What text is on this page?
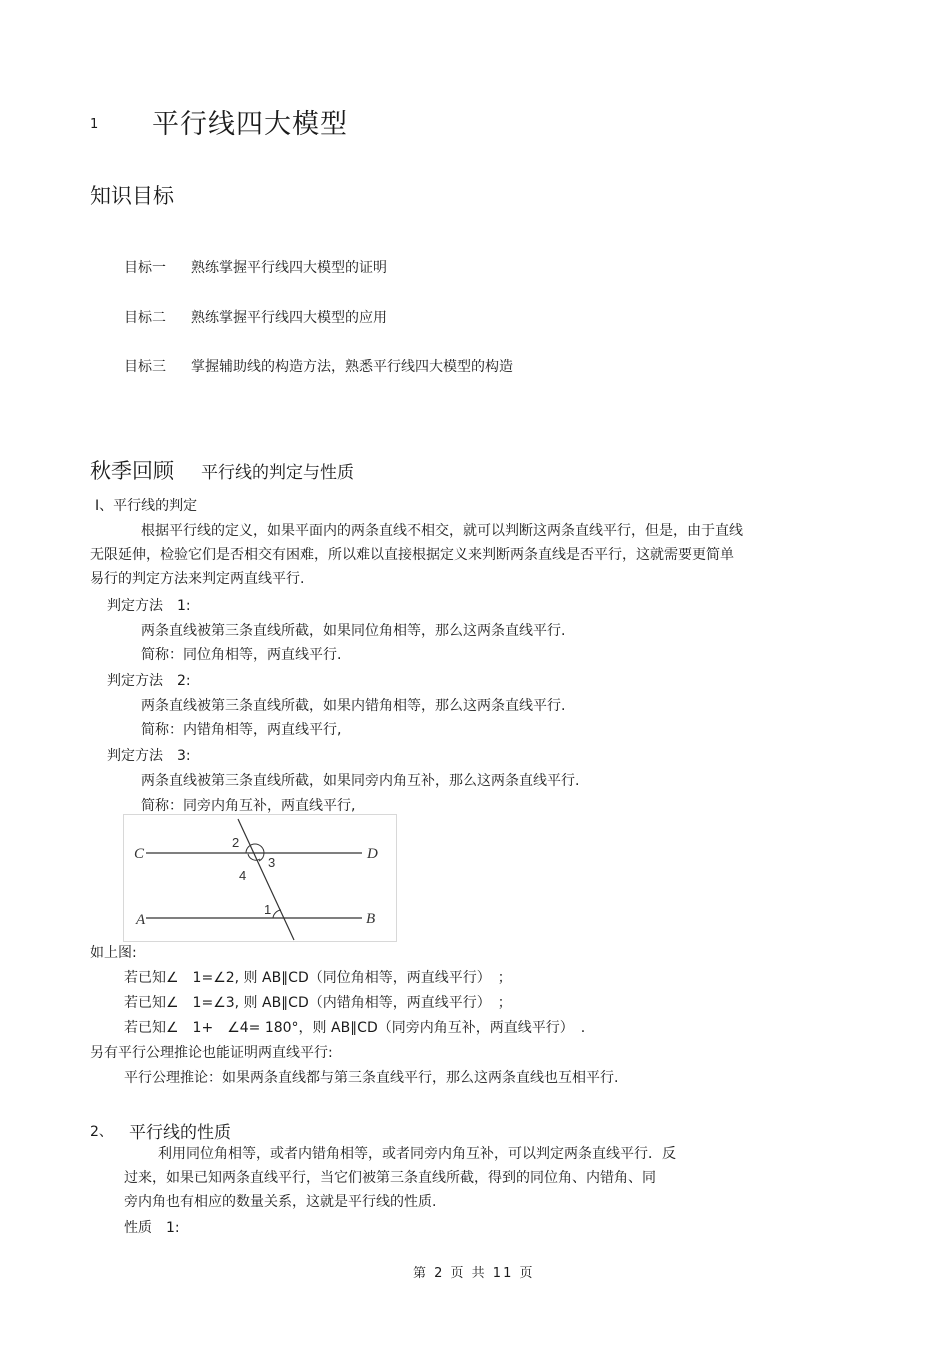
1 平行线四大模型
知识目标
目标一 熟练掌握平行线四大模型的证明
目标二 熟练掌握平行线四大模型的应用
目标三 掌握辅助线的构造方法，熟悉平行线四大模型的构造
秋季回顾 平行线的判定与性质
Ⅰ、平行线的判定
根据平行线的定义，如果平面内的两条直线不相交，就可以判断这两条直线平行，但是，由于直线
无限延伸，检验它们是否相交有困难，所以难以直接根据定义来判断两条直线是否平行，这就需要更简单
易行的判定方法来判定两直线平行.
判定方法　1:
两条直线被第三条直线所截，如果同位角相等，那么这两条直线平行.
简称：同位角相等，两直线平行.
判定方法　2:
两条直线被第三条直线所截，如果内错角相等，那么这两条直线平行.
简称：内错角相等，两直线平行,
判定方法　3:
两条直线被第三条直线所截，如果同旁内角互补，那么这两条直线平行.
简称：同旁内角互补，两直线平行,
C	D
A	B
2
3
4
1
如上图:
若已知∠　1=∠2, 则 AB∥CD（同位角相等，两直线平行）　；
若已知∠　1=∠3, 则 AB∥CD（内错角相等，两直线平行）　；
若已知∠　1+　∠4= 180°，则 AB∥CD（同旁内角互补，两直线平行）　.
另有平行公理推论也能证明两直线平行:
平行公理推论：如果两条直线都与第三条直线平行，那么这两条直线也互相平行.
2、 平行线的性质
利用同位角相等，或者内错角相等，或者同旁内角互补，可以判定两条直线平行．反
过来，如果已知两条直线平行，当它们被第三条直线所截，得到的同位角、内错角、同
旁内角也有相应的数量关系，这就是平行线的性质.
性质　1:
第 2 页 共 11 页
